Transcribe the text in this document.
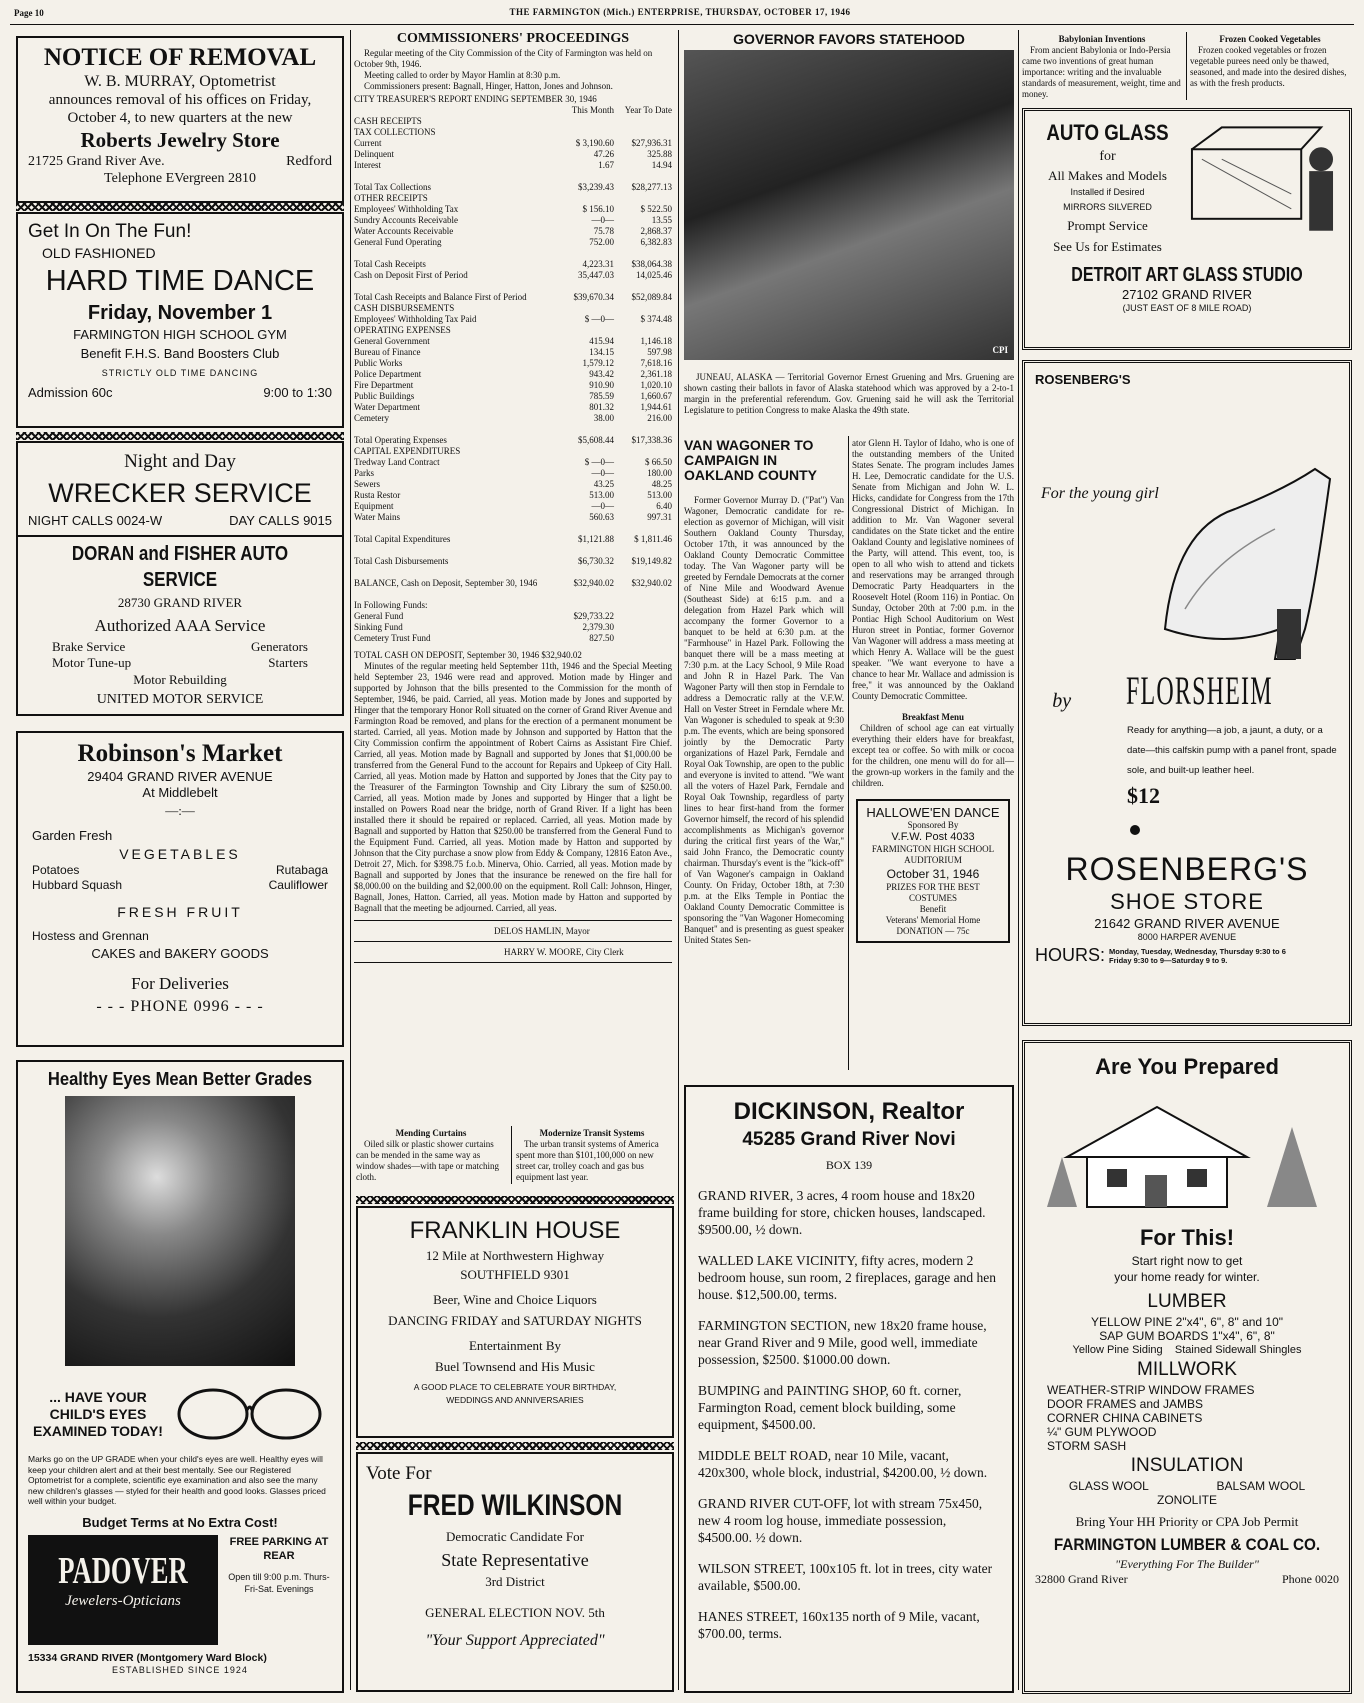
Page 10	THE FARMINGTON (Mich.) ENTERPRISE, THURSDAY, OCTOBER 17, 1946
NOTICE OF REMOVAL
W. B. MURRAY, Optometrist
announces removal of his offices on Friday,
October 4, to new quarters at the new
Roberts Jewelry Store
21725 Grand River Ave.	Redford
Telephone EVergreen 2810
Get In On The Fun!
OLD FASHIONED
HARD TIME DANCE
Friday, November 1
FARMINGTON HIGH SCHOOL GYM
Benefit F.H.S. Band Boosters Club
STRICTLY OLD TIME DANCING
Admission 60c	9:00 to 1:30
Night and Day
WRECKER SERVICE
NIGHT CALLS 0024-W	DAY CALLS 9015
DORAN and FISHER AUTO SERVICE
28730 GRAND RIVER
Authorized AAA Service
Brake Service	Generators
Motor Tune-up	Starters
Motor Rebuilding
UNITED MOTOR SERVICE
Robinson's Market
29404 GRAND RIVER AVENUE
At Middlebelt
—:—
Garden Fresh
VEGETABLES
Potatoes	Rutabaga
Hubbard Squash	Cauliflower
FRESH FRUIT
Hostess and Grennan
CAKES and BAKERY GOODS
For Deliveries
- - - PHONE 0996 - - -
Healthy Eyes Mean Better Grades
... HAVE YOUR CHILD'S EYES EXAMINED TODAY!
Marks go on the UP GRADE when your child's eyes are well. Healthy eyes will keep your children alert and at their best mentally. See our Registered Optometrist for a complete, scientific eye examination and also see the many new children's glasses — styled for their health and good looks. Glasses priced well within your budget.
Budget Terms at No Extra Cost!
PADOVER
Jewelers-Opticians
FREE PARKING AT REAR
Open till 9:00 p.m. Thurs-Fri-Sat. Evenings
15334 GRAND RIVER (Montgomery Ward Block)
ESTABLISHED SINCE 1924
COMMISSIONERS' PROCEEDINGS
Regular meeting of the City Commission of the City of Farmington was held on October 9th, 1946.
Meeting called to order by Mayor Hamlin at 8:30 p.m.
Commissioners present: Bagnall, Hinger, Hatton, Jones and Johnson.
CITY TREASURER'S REPORT ENDING SEPTEMBER 30, 1946
This Month	Year To Date
CASH RECEIPTS

TAX COLLECTIONS

Current	$ 3,190.60	$27,936.31
Delinquent	47.26	325.88
Interest	1.67	14.94

Total Tax Collections	$3,239.43	$28,277.13
OTHER RECEIPTS

Employees' Withholding Tax	$ 156.10	$ 522.50
Sundry Accounts Receivable	—0—	13.55
Water Accounts Receivable	75.78	2,868.37
General Fund Operating	752.00	6,382.83

Total Cash Receipts	4,223.31	$38,064.38
Cash on Deposit First of Period	35,447.03	14,025.46

Total Cash Receipts and Balance First of Period	$39,670.34	$52,089.84
CASH DISBURSEMENTS

Employees' Withholding Tax Paid	$ —0—	$ 374.48
OPERATING EXPENSES

General Government	415.94	1,146.18
Bureau of Finance	134.15	597.98
Public Works	1,579.12	7,618.16
Police Department	943.42	2,361.18
Fire Department	910.90	1,020.10
Public Buildings	785.59	1,660.67
Water Department	801.32	1,944.61
Cemetery	38.00	216.00

Total Operating Expenses	$5,608.44	$17,338.36
CAPITAL EXPENDITURES

Tredway Land Contract	$ —0—	$ 66.50
Parks	—0—	180.00
Sewers	43.25	48.25
Rusta Restor	513.00	513.00
Equipment	—0—	6.40
Water Mains	560.63	997.31

Total Capital Expenditures	$1,121.88	$ 1,811.46

Total Cash Disbursements	$6,730.32	$19,149.82

BALANCE, Cash on Deposit, September 30, 1946	$32,940.02	$32,940.02

In Following Funds:

General Fund	$29,733.22

Sinking Fund	2,379.30

Cemetery Trust Fund	827.50

TOTAL CASH ON DEPOSIT, September 30, 1946 $32,940.02
Minutes of the regular meeting held September 11th, 1946 and the Special Meeting held September 23, 1946 were read and approved. Motion made by Hinger and supported by Johnson that the bills presented to the Commission for the month of September, 1946, be paid. Carried, all yeas. Motion made by Jones and supported by Hinger that the temporary Honor Roll situated on the corner of Grand River Avenue and Farmington Road be removed, and plans for the erection of a permanent monument be started. Carried, all yeas. Motion made by Johnson and supported by Hatton that the City Commission confirm the appointment of Robert Cairns as Assistant Fire Chief. Carried, all yeas. Motion made by Bagnall and supported by Jones that $1,000.00 be transferred from the General Fund to the account for Repairs and Upkeep of City Hall. Carried, all yeas. Motion made by Hatton and supported by Jones that the City pay to the Treasurer of the Farmington Township and City Library the sum of $250.00. Carried, all yeas. Motion made by Jones and supported by Hinger that a light be installed on Powers Road near the bridge, north of Grand River. If a light has been installed there it should be repaired or replaced. Carried, all yeas. Motion made by Bagnall and supported by Hatton that $250.00 be transferred from the General Fund to the Equipment Fund. Carried, all yeas. Motion made by Hatton and supported by Johnson that the City purchase a snow plow from Eddy & Company, 12816 Eaton Ave., Detroit 27, Mich. for $398.75 f.o.b. Minerva, Ohio. Carried, all yeas. Motion made by Bagnall and supported by Jones that the insurance be renewed on the fire hall for $8,000.00 on the building and $2,000.00 on the equipment. Roll Call: Johnson, Hinger, Bagnall, Jones, Hatton. Carried, all yeas. Motion made by Hatton and supported by Bagnall that the meeting be adjourned. Carried, all yeas.
DELOS HAMLIN, Mayor
HARRY W. MOORE, City Clerk
Mending Curtains
Oiled silk or plastic shower curtains can be mended in the same way as window shades—with tape or matching cloth.
Modernize Transit Systems
The urban transit systems of America spent more than $101,100,000 on new street car, trolley coach and gas bus equipment last year.
FRANKLIN HOUSE
12 Mile at Northwestern Highway
SOUTHFIELD 9301
Beer, Wine and Choice Liquors
DANCING FRIDAY and SATURDAY NIGHTS
Entertainment By
Buel Townsend and His Music
A GOOD PLACE TO CELEBRATE YOUR BIRTHDAY,
WEDDINGS AND ANNIVERSARIES
Vote For
FRED WILKINSON
Democratic Candidate For
State Representative
3rd District
GENERAL ELECTION NOV. 5th
"Your Support Appreciated"
GOVERNOR FAVORS STATEHOOD
CPI
JUNEAU, ALASKA — Territorial Governor Ernest Gruening and Mrs. Gruening are shown casting their ballots in favor of Alaska statehood which was approved by a 2-to-1 margin in the preferential referendum. Gov. Gruening said he will ask the Territorial Legislature to petition Congress to make Alaska the 49th state.
VAN WAGONER TO CAMPAIGN IN OAKLAND COUNTY
Former Governor Murray D. ("Pat") Van Wagoner, Democratic candidate for re-election as governor of Michigan, will visit Southern Oakland County Thursday, October 17th, it was announced by the Oakland County Democratic Committee today. The Van Wagoner party will be greeted by Ferndale Democrats at the corner of Nine Mile and Woodward Avenue (Southeast Side) at 6:15 p.m. and a delegation from Hazel Park which will accompany the former Governor to a banquet to be held at 6:30 p.m. at the "Farmhouse" in Hazel Park. Following the banquet there will be a mass meeting at 7:30 p.m. at the Lacy School, 9 Mile Road and John R in Hazel Park. The Van Wagoner Party will then stop in Ferndale to address a Democratic rally at the V.F.W. Hall on Vester Street in Ferndale where Mr. Van Wagoner is scheduled to speak at 9:30 p.m. The events, which are being sponsored jointly by the Democratic Party organizations of Hazel Park, Ferndale and Royal Oak Township, are open to the public and everyone is invited to attend. "We want all the voters of Hazel Park, Ferndale and Royal Oak Township, regardless of party lines to hear first-hand from the former Governor himself, the record of his splendid accomplishments as Michigan's governor during the critical first years of the War," said John Franco, the Democratic county chairman. Thursday's event is the "kick-off" of Van Wagoner's campaign in Oakland County. On Friday, October 18th, at 7:30 p.m. at the Elks Temple in Pontiac the Oakland County Democratic Committee is sponsoring the "Van Wagoner Homecoming Banquet" and is presenting as guest speaker United States Sen-
ator Glenn H. Taylor of Idaho, who is one of the outstanding members of the United States Senate. The program includes James H. Lee, Democratic candidate for the U.S. Senate from Michigan and John W. L. Hicks, candidate for Congress from the 17th Congressional District of Michigan. In addition to Mr. Van Wagoner several candidates on the State ticket and the entire Oakland County and legislative nominees of the Party, will attend. This event, too, is open to all who wish to attend and tickets and reservations may be arranged through Democratic Party Headquarters in the Roosevelt Hotel (Room 116) in Pontiac. On Sunday, October 20th at 7:00 p.m. in the Pontiac High School Auditorium on West Huron street in Pontiac, former Governor Van Wagoner will address a mass meeting at which Henry A. Wallace will be the guest speaker. "We want everyone to have a chance to hear Mr. Wallace and admission is free," it was announced by the Oakland County Democratic Committee.
Breakfast Menu
Children of school age can eat virtually everything their elders have for breakfast, except tea or coffee. So with milk or cocoa for the children, one menu will do for all—the grown-up workers in the family and the children.
HALLOWE'EN DANCE
Sponsored By
V.F.W. Post 4033
FARMINGTON HIGH SCHOOL AUDITORIUM
October 31, 1946
PRIZES FOR THE BEST COSTUMES
Benefit
Veterans' Memorial Home
DONATION — 75c
DICKINSON, Realtor
45285 Grand River Novi
BOX 139
GRAND RIVER, 3 acres, 4 room house and 18x20 frame building for store, chicken houses, landscaped. $9500.00, ½ down.
WALLED LAKE VICINITY, fifty acres, modern 2 bedroom house, sun room, 2 fireplaces, garage and hen house. $12,500.00, terms.
FARMINGTON SECTION, new 18x20 frame house, near Grand River and 9 Mile, good well, immediate possession, $2500. $1000.00 down.
BUMPING and PAINTING SHOP, 60 ft. corner, Farmington Road, cement block building, some equipment, $4500.00.
MIDDLE BELT ROAD, near 10 Mile, vacant, 420x300, whole block, industrial, $4200.00, ½ down.
GRAND RIVER CUT-OFF, lot with stream 75x450, new 4 room log house, immediate possession, $4500.00. ½ down.
WILSON STREET, 100x105 ft. lot in trees, city water available, $500.00.
HANES STREET, 160x135 north of 9 Mile, vacant, $700.00, terms.
Babylonian Inventions
From ancient Babylonia or Indo-Persia came two inventions of great human importance: writing and the invaluable standards of measurement, weight, time and money.
Frozen Cooked Vegetables
Frozen cooked vegetables or frozen vegetable purees need only be thawed, seasoned, and made into the desired dishes, as with the fresh products.
AUTO GLASS
for
All Makes and Models
Installed if Desired
MIRRORS SILVERED
Prompt Service
See Us for Estimates
DETROIT ART GLASS STUDIO
27102 GRAND RIVER
(JUST EAST OF 8 MILE ROAD)
ROSENBERG'S
For the young girl
by FLORSHEIM
Ready for anything—a job, a jaunt, a duty, or a date—this calfskin pump with a panel front, spade sole, and built-up leather heel.
$12
ROSENBERG'S
SHOE STORE
21642 GRAND RIVER AVENUE
8000 HARPER AVENUE
HOURS: Monday, Tuesday, Wednesday, Thursday 9:30 to 6
Friday 9:30 to 9—Saturday 9 to 9.
Are You Prepared
For This!
Start right now to get
your home ready for winter.
LUMBER
YELLOW PINE 2"x4", 6", 8" and 10"
SAP GUM BOARDS 1"x4", 6", 8"
Yellow Pine Siding    Stained Sidewall Shingles
MILLWORK
WEATHER-STRIP WINDOW FRAMES
DOOR FRAMES and JAMBS
CORNER CHINA CABINETS
¼" GUM PLYWOOD
STORM SASH
INSULATION
GLASS WOOL	BALSAM WOOL
ZONOLITE
Bring Your HH Priority or CPA Job Permit
FARMINGTON LUMBER & COAL CO.
"Everything For The Builder"
32800 Grand River	Phone 0020
